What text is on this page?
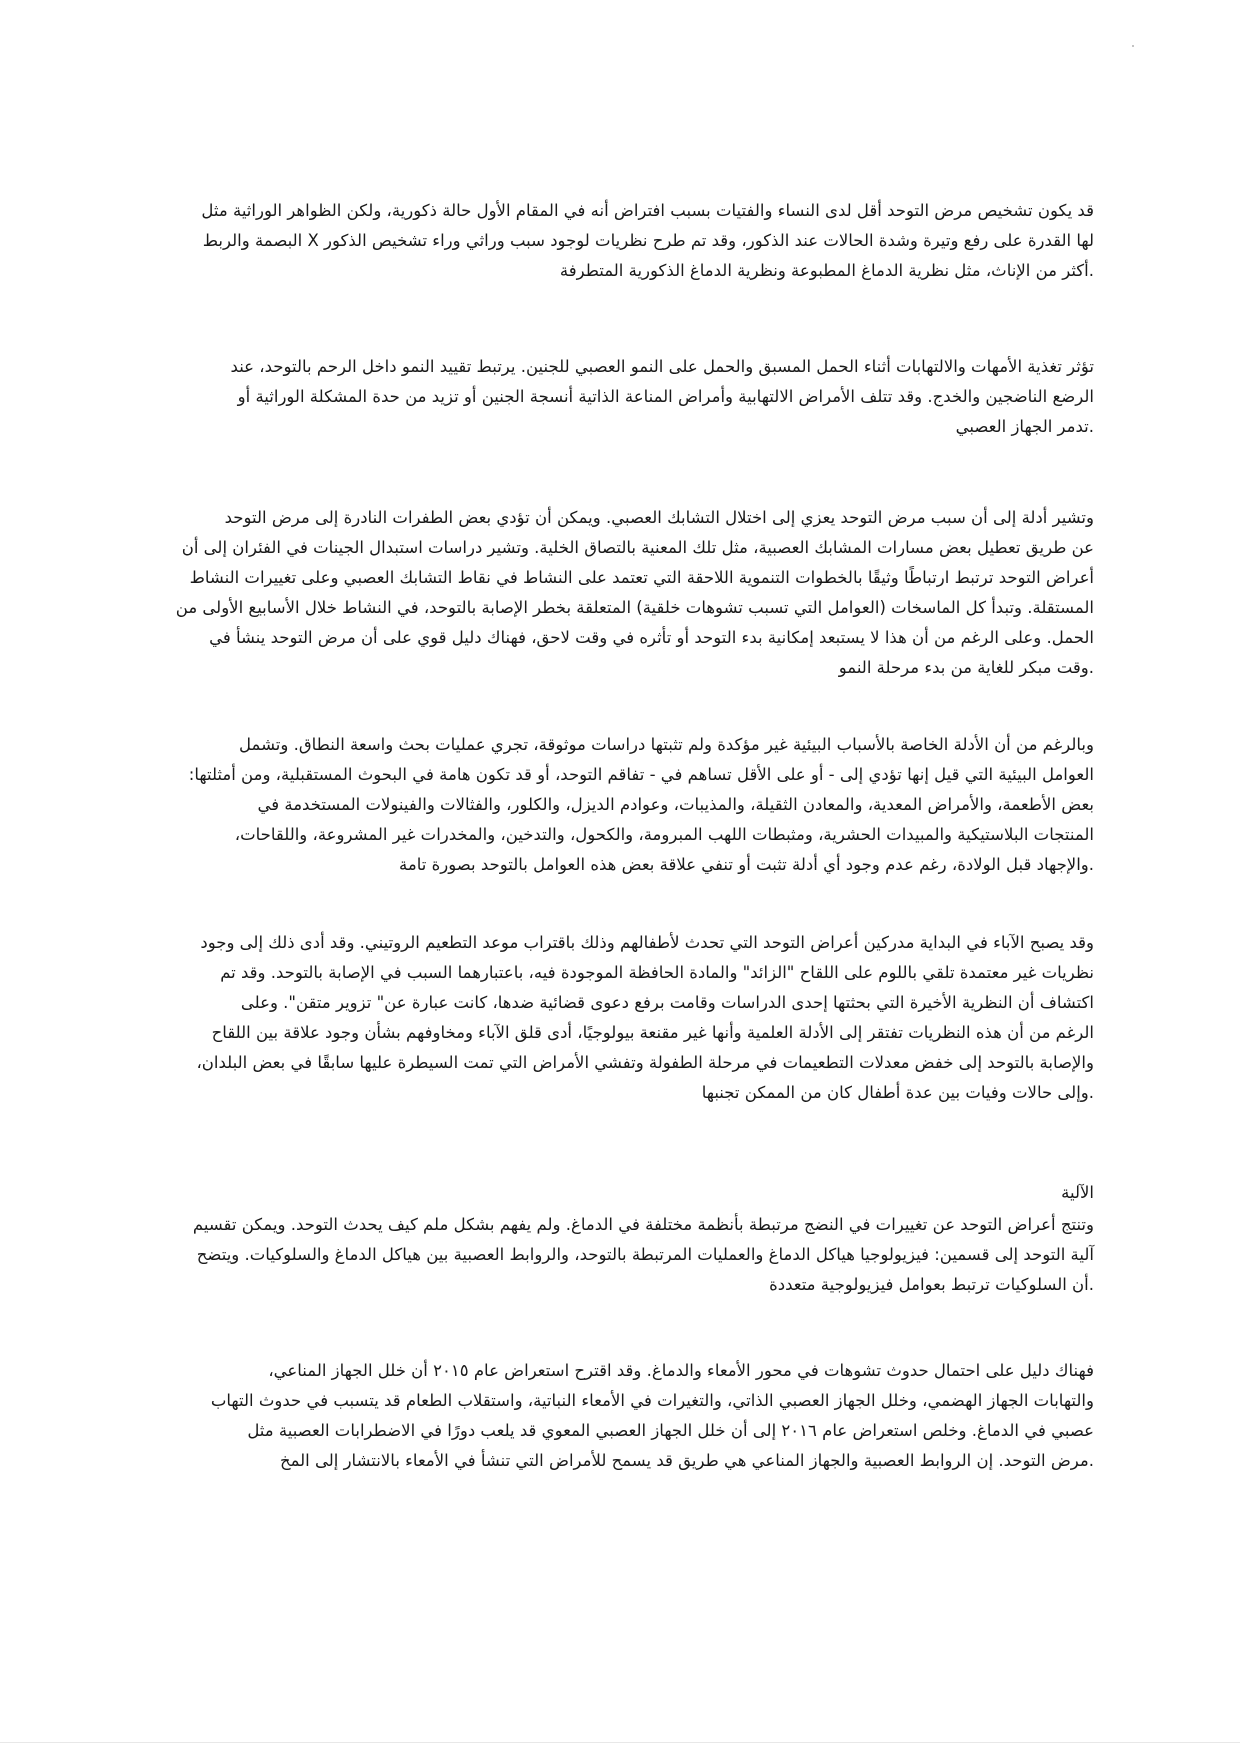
قد يكون تشخيص مرض التوحد أقل لدى النساء والفتيات بسبب افتراض أنه في المقام الأول حالة ذكورية، ولكن الظواهر الوراثية مثل

لها القدرة على رفع وتيرة وشدة الحالات عند الذكور، وقد تم طرح نظريات لوجود سبب وراثي وراء تشخيص الذكور X البصمة والربط

.أكثر من الإناث، مثل نظرية الدماغ المطبوعة ونظرية الدماغ الذكورية المتطرفة

تؤثر تغذية الأمهات والالتهابات أثناء الحمل المسبق والحمل على النمو العصبي للجنين. يرتبط تقييد النمو داخل الرحم بالتوحد، عند

الرضع الناضجين والخدج. وقد تتلف الأمراض الالتهابية وأمراض المناعة الذاتية أنسجة الجنين أو تزيد من حدة المشكلة الوراثية أو

.تدمر الجهاز العصبي

وتشير أدلة إلى أن سبب مرض التوحد يعزي إلى اختلال التشابك العصبي. ويمكن أن تؤدي بعض الطفرات النادرة إلى مرض التوحد

عن طريق تعطيل بعض مسارات المشابك العصبية، مثل تلك المعنية بالتصاق الخلية. وتشير دراسات استبدال الجينات في الفئران إلى أن

أعراض التوحد ترتبط ارتباطًا وثيقًا بالخطوات التنموية اللاحقة التي تعتمد على النشاط في نقاط التشابك العصبي وعلى تغييرات النشاط

المستقلة. وتبدأ كل الماسخات (العوامل التي تسبب تشوهات خلقية) المتعلقة بخطر الإصابة بالتوحد، في النشاط خلال الأسابيع الأولى من

الحمل. وعلى الرغم من أن هذا لا يستبعد إمكانية بدء التوحد أو تأثره في وقت لاحق، فهناك دليل قوي على أن مرض التوحد ينشأ في

.وقت مبكر للغاية من بدء مرحلة النمو

وبالرغم من أن الأدلة الخاصة بالأسباب البيئية غير مؤكدة ولم تثبتها دراسات موثوقة، تجري عمليات بحث واسعة النطاق. وتشمل

العوامل البيئية التي قيل إنها تؤدي إلى - أو على الأقل تساهم في - تفاقم التوحد، أو قد تكون هامة في البحوث المستقبلية، ومن أمثلتها:

بعض الأطعمة، والأمراض المعدية، والمعادن الثقيلة، والمذيبات، وعوادم الديزل، والكلور، والفثالات والفينولات المستخدمة في

المنتجات البلاستيكية والمبيدات الحشرية، ومثبطات اللهب المبرومة، والكحول، والتدخين، والمخدرات غير المشروعة، واللقاحات،

.والإجهاد قبل الولادة، رغم عدم وجود أي أدلة تثبت أو تنفي علاقة بعض هذه العوامل بالتوحد بصورة تامة

وقد يصبح الآباء في البداية مدركين أعراض التوحد التي تحدث لأطفالهم وذلك باقتراب موعد التطعيم الروتيني. وقد أدى ذلك إلى وجود

نظريات غير معتمدة تلقي باللوم على اللقاح "الزائد" والمادة الحافظة الموجودة فيه، باعتبارهما السبب في الإصابة بالتوحد. وقد تم

اكتشاف أن النظرية الأخيرة التي بحثتها إحدى الدراسات وقامت برفع دعوى قضائية ضدها، كانت عبارة عن" تزوير متقن". وعلى

الرغم من أن هذه النظريات تفتقر إلى الأدلة العلمية وأنها غير مقنعة بيولوجيًا، أدى قلق الآباء ومخاوفهم بشأن وجود علاقة بين اللقاح

والإصابة بالتوحد إلى خفض معدلات التطعيمات في مرحلة الطفولة وتفشي الأمراض التي تمت السيطرة عليها سابقًا في بعض البلدان،

.وإلى حالات وفيات بين عدة أطفال كان من الممكن تجنبها

الآلية

وتنتج أعراض التوحد عن تغييرات في النضج مرتبطة بأنظمة مختلفة في الدماغ. ولم يفهم بشكل ملم كيف يحدث التوحد. ويمكن تقسيم

آلية التوحد إلى قسمين: فيزيولوجيا هياكل الدماغ والعمليات المرتبطة بالتوحد، والروابط العصبية بين هياكل الدماغ والسلوكيات. ويتضح

.أن السلوكيات ترتبط بعوامل فيزيولوجية متعددة

فهناك دليل على احتمال حدوث تشوهات في محور الأمعاء والدماغ. وقد اقترح استعراض عام ٢٠١٥ أن خلل الجهاز المناعي،

والتهابات الجهاز الهضمي، وخلل الجهاز العصبي الذاتي، والتغيرات في الأمعاء النباتية، واستقلاب الطعام قد يتسبب في حدوث التهاب

عصبي في الدماغ. وخلص استعراض عام ٢٠١٦ إلى أن خلل الجهاز العصبي المعوي قد يلعب دورًا في الاضطرابات العصبية مثل

.مرض التوحد. إن الروابط العصبية والجهاز المناعي هي طريق قد يسمح للأمراض التي تنشأ في الأمعاء بالانتشار إلى المخ
